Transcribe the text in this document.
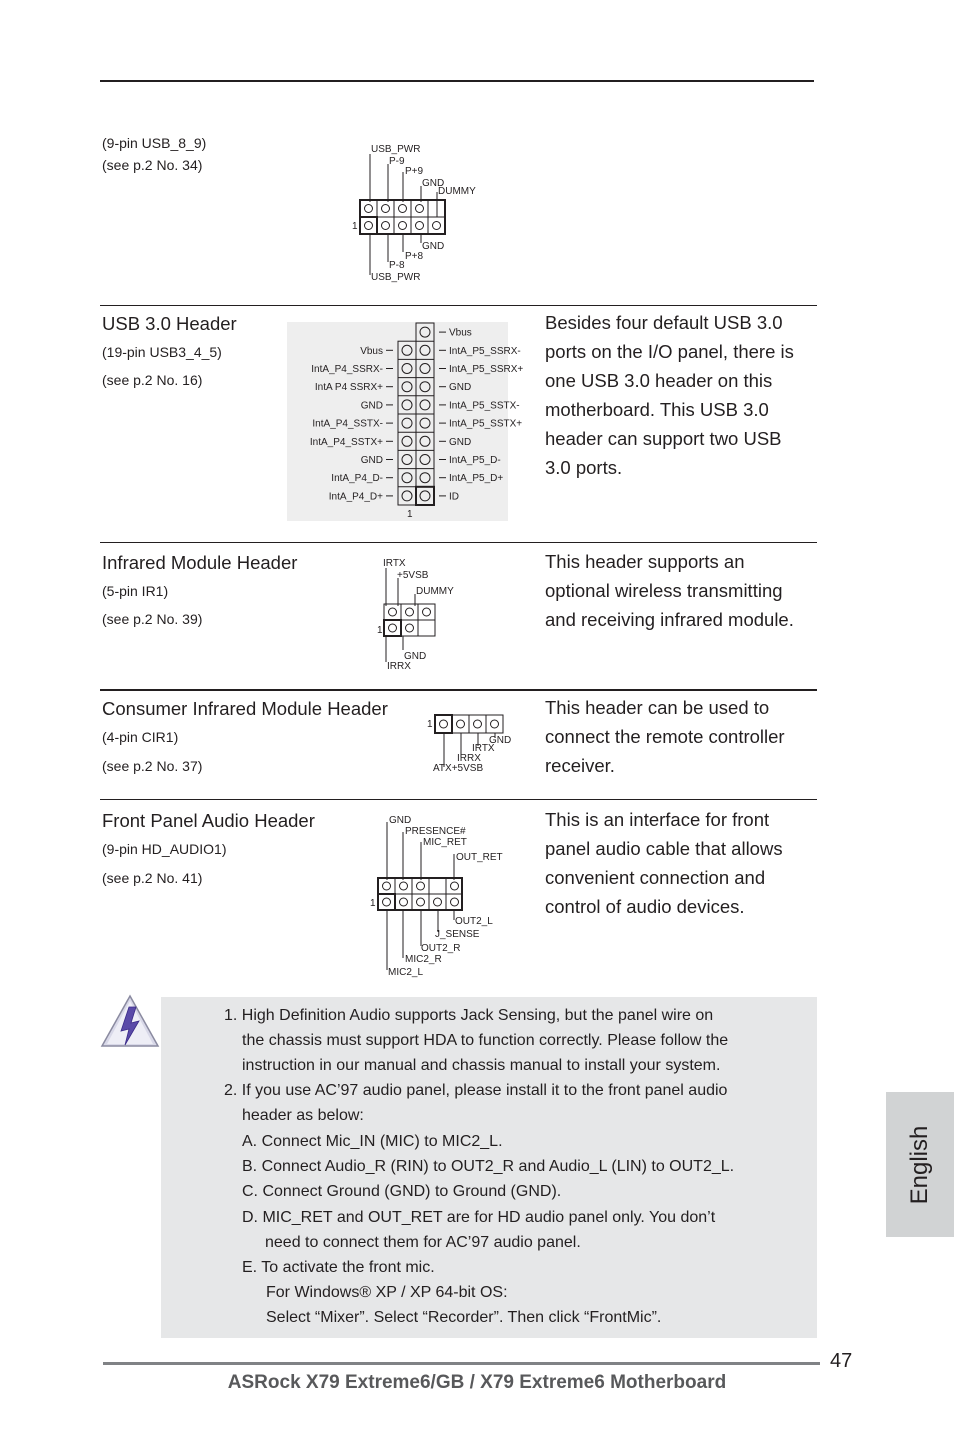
(9-pin USB_8_9)
(see p.2 No. 34)
USB_PWR
P-9
P+9
GND
DUMMY
1
GND
P+8
P-8
USB_PWR
USB 3.0 Header
(19-pin USB3_4_5)
(see p.2 No. 16)
Besides four default USB 3.0 ports on the I/O panel, there is one USB 3.0 header on this motherboard. This USB 3.0 header can support two USB 3.0 ports.
Vbus
IntA_P5_SSRX-
IntA_P5_SSRX+
GND
IntA_P5_SSTX-
IntA_P5_SSTX+
GND
IntA_P5_D-
IntA_P5_D+
ID
Vbus
IntA_P4_SSRX-
IntA P4 SSRX+
GND
IntA_P4_SSTX-
IntA_P4_SSTX+
GND
IntA_P4_D-
IntA_P4_D+
1
Infrared Module Header
(5-pin IR1)
(see p.2 No. 39)
This header supports an optional wireless transmitting and receiving infrared module.
IRTX
+5VSB
DUMMY
1
GND
IRRX
Consumer Infrared Module Header
(4-pin CIR1)
(see p.2 No. 37)
This header can be used to connect the remote controller receiver.
1
GND
IRTX
IRRX
ATX+5VSB
Front Panel Audio Header
(9-pin HD_AUDIO1)
(see p.2 No. 41)
This is an interface for front panel audio cable that allows convenient connection and control of audio devices.
GND
PRESENCE#
MIC_RET
OUT_RET
1
OUT2_L
J_SENSE
OUT2_R
MIC2_R
MIC2_L
1. High Definition Audio supports Jack Sensing, but the panel wire on
the chassis must support HDA to function correctly. Please follow the
instruction in our manual and chassis manual to install your system.
2. If you use AC’97 audio panel, please install it to the front panel audio
header as below:
A. Connect Mic_IN (MIC) to MIC2_L.
B. Connect Audio_R (RIN) to OUT2_R and Audio_L (LIN) to OUT2_L.
C. Connect Ground (GND) to Ground (GND).
D. MIC_RET and OUT_RET are for HD audio panel only. You don’t
need to connect them for AC’97 audio panel.
E. To activate the front mic.
For Windows® XP / XP 64-bit OS:
Select “Mixer”. Select “Recorder”. Then click “FrontMic”.
English
47
ASRock X79 Extreme6/GB / X79 Extreme6 Motherboard
